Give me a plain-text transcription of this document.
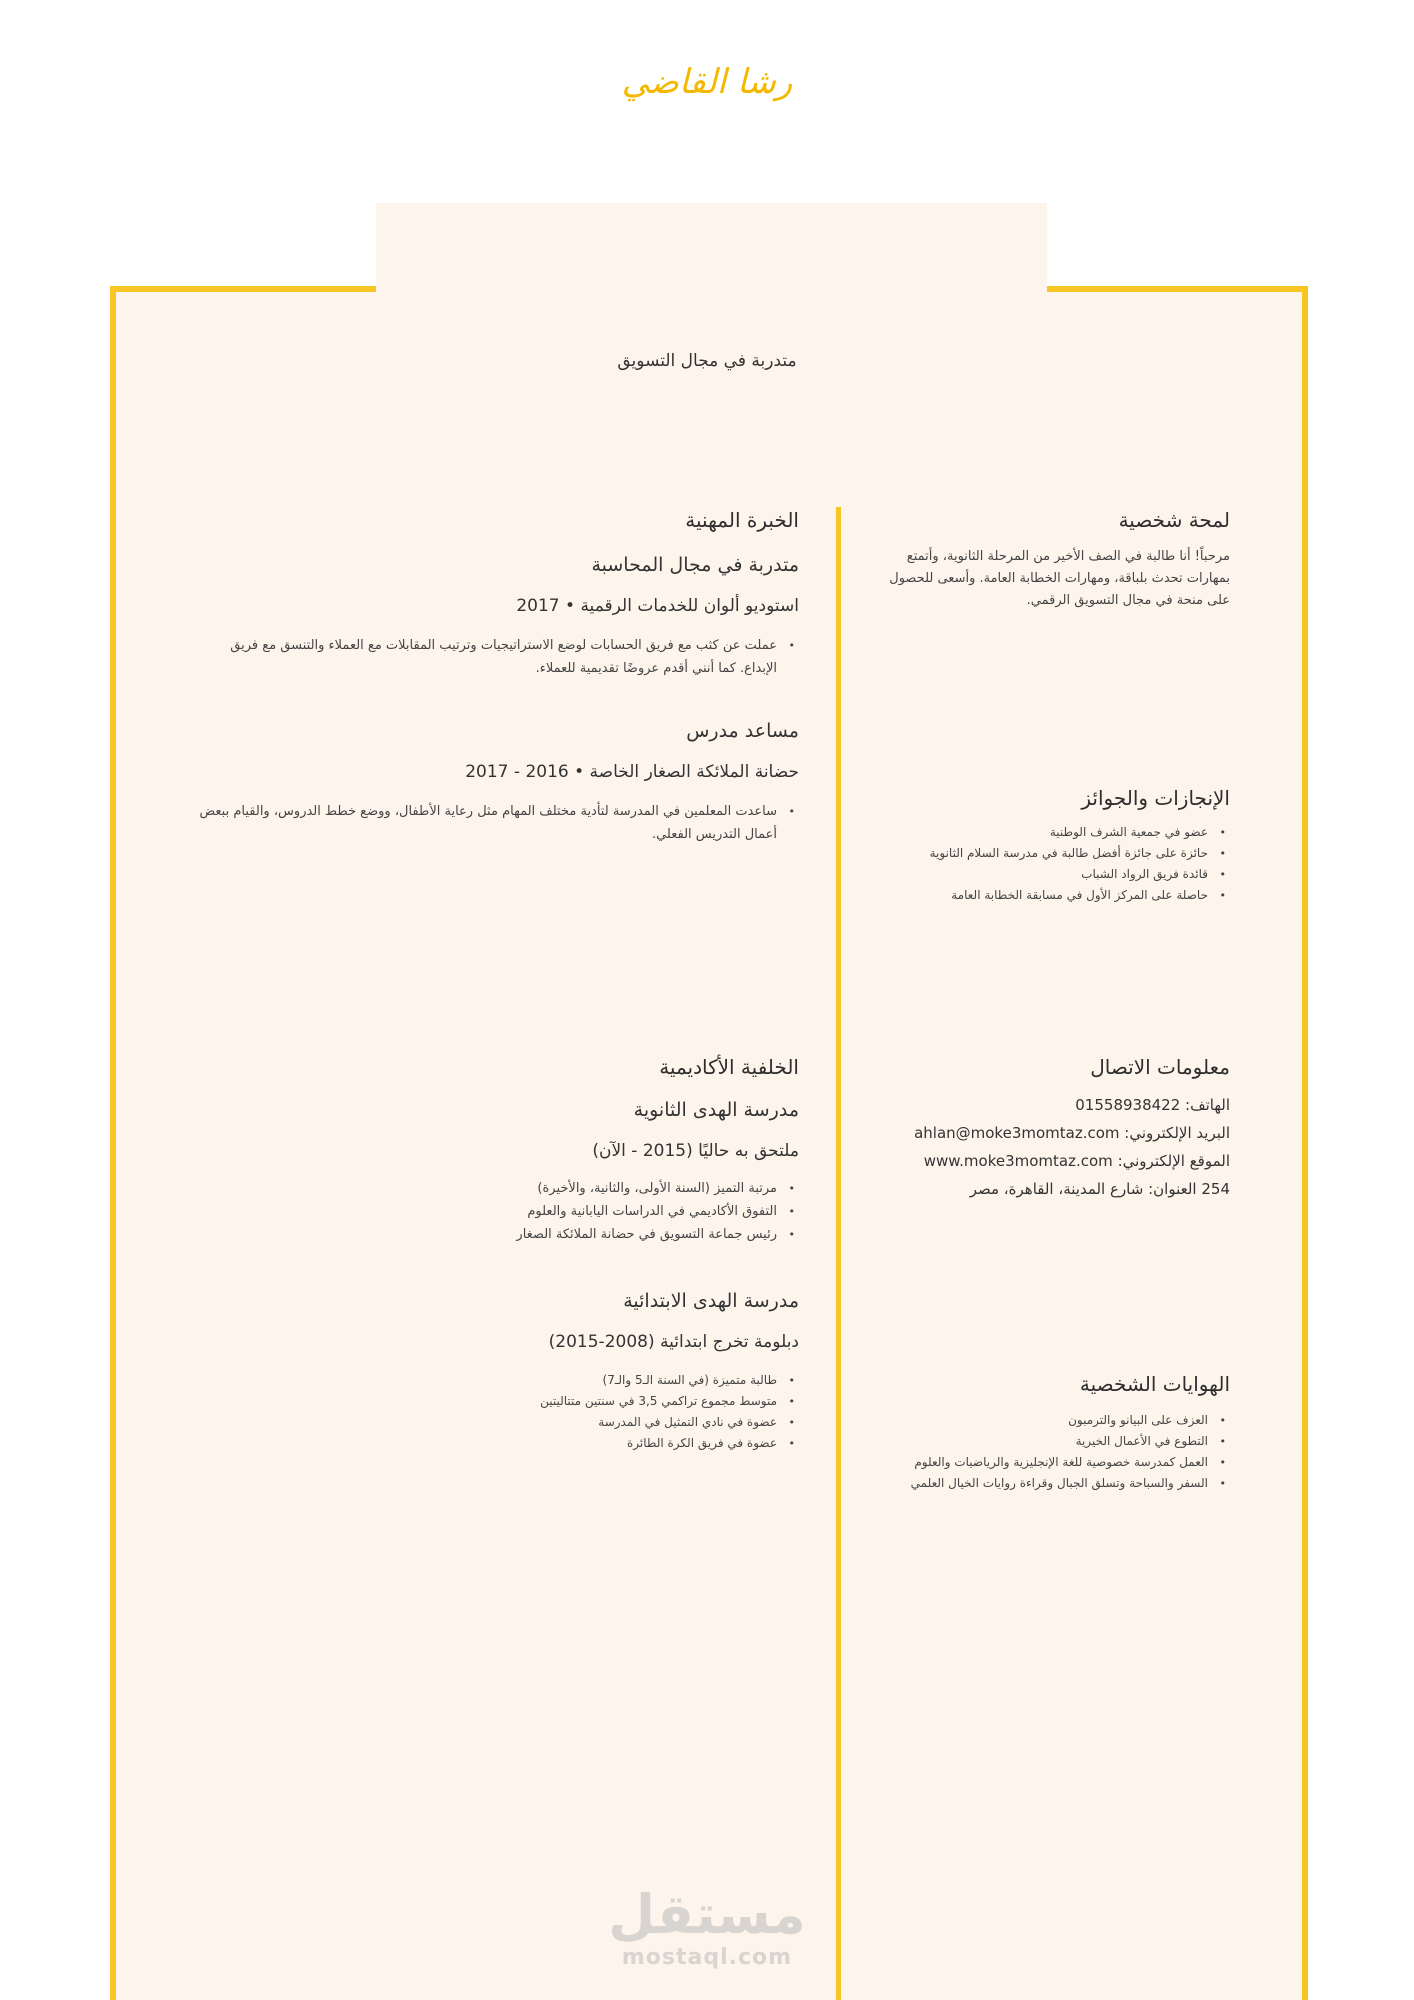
رشا القاضي
متدربة في مجال التسويق
لمحة شخصية

مرحباً! أنا طالبة في الصف الأخير من المرحلة الثانوية، وأتمتع بمهارات تحدث بلباقة، ومهارات الخطابة العامة. وأسعى للحصول على منحة في مجال التسويق الرقمي.

الإنجازات والجوائز
• عضو في جمعية الشرف الوطنية
• حائزة على جائزة أفضل طالبة في مدرسة السلام الثانوية
• قائدة فريق الرواد الشباب
• حاصلة على المركز الأول في مسابقة الخطابة العامة
معلومات الاتصال
الهاتف: 01558938422
البريد الإلكتروني: ahlan@moke3momtaz.com
الموقع الإلكتروني: www.moke3momtaz.com
254 العنوان: شارع المدينة، القاهرة، مصر
الهوايات الشخصية
• العزف على البيانو والترمبون
• التطوع في الأعمال الخيرية
• العمل كمدرسة خصوصية للغة الإنجليزية والرياضيات والعلوم
• السفر والسباحة وتسلق الجبال وقراءة روايات الخيال العلمي
الخبرة المهنية
متدربة في مجال المحاسبة
استوديو ألوان للخدمات الرقمية • 2017
• عملت عن كثب مع فريق الحسابات لوضع الاستراتيجيات وترتيب المقابلات مع العملاء والتنسق مع فريق الإبداع. كما أنني أقدم عروضًا تقديمية للعملاء.
مساعد مدرس
حضانة الملائكة الصغار الخاصة • 2016 - 2017
• ساعدت المعلمين في المدرسة لتأدية مختلف المهام مثل رعاية الأطفال، ووضع خطط الدروس، والقيام ببعض أعمال التدريس الفعلي.
الخلفية الأكاديمية
مدرسة الهدى الثانوية
ملتحق به حاليًا (2015 - الآن)
• مرتبة التميز (السنة الأولى، والثانية، والأخيرة)
• التفوق الأكاديمي في الدراسات اليابانية والعلوم
• رئيس جماعة التسويق في حضانة الملائكة الصغار
مدرسة الهدى الابتدائية
دبلومة تخرج ابتدائية (2008-2015)
• طالبة متميزة (في السنة الـ5 والـ7)
• متوسط مجموع تراكمي 3,5 في سنتين متتاليتين
• عضوة في نادي التمثيل في المدرسة
• عضوة في فريق الكرة الطائرة
مستقل
mostaql.com
